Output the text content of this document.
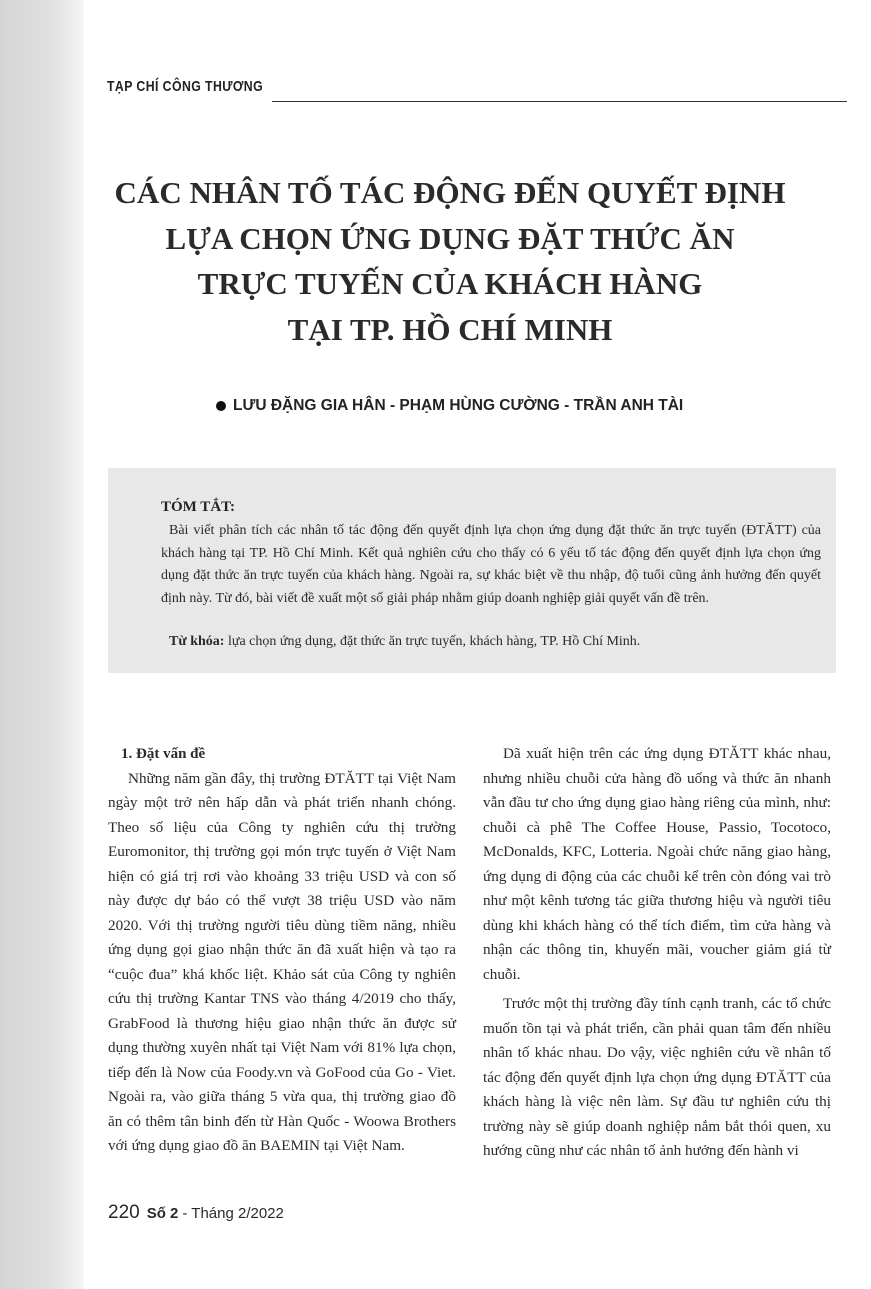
TẠP CHÍ CÔNG THƯƠNG
CÁC NHÂN TỐ TÁC ĐỘNG ĐẾN QUYẾT ĐỊNH
LỰA CHỌN ỨNG DỤNG ĐẶT THỨC ĂN
TRỰC TUYẾN CỦA KHÁCH HÀNG
TẠI TP. HỒ CHÍ MINH
LƯU ĐẶNG GIA HÂN - PHẠM HÙNG CƯỜNG - TRẦN ANH TÀI
TÓM TẮT:

Bài viết phân tích các nhân tố tác động đến quyết định lựa chọn ứng dụng đặt thức ăn trực tuyến (ĐTĂTT) của khách hàng tại TP. Hồ Chí Minh. Kết quả nghiên cứu cho thấy có 6 yếu tố tác động đến quyết định lựa chọn ứng dụng đặt thức ăn trực tuyến của khách hàng. Ngoài ra, sự khác biệt về thu nhập, độ tuổi cũng ảnh hưởng đến quyết định này. Từ đó, bài viết đề xuất một số giải pháp nhằm giúp doanh nghiệp giải quyết vấn đề trên.

Từ khóa: lựa chọn ứng dụng, đặt thức ăn trực tuyến, khách hàng, TP. Hồ Chí Minh.
1. Đặt vấn đề

Những năm gần đây, thị trường ĐTĂTT tại Việt Nam ngày một trở nên hấp dẫn và phát triển nhanh chóng. Theo số liệu của Công ty nghiên cứu thị trường Euromonitor, thị trường gọi món trực tuyến ở Việt Nam hiện có giá trị rơi vào khoảng 33 triệu USD và con số này được dự báo có thể vượt 38 triệu USD vào năm 2020. Với thị trường người tiêu dùng tiềm năng, nhiều ứng dụng gọi giao nhận thức ăn đã xuất hiện và tạo ra “cuộc đua” khá khốc liệt. Khảo sát của Công ty nghiên cứu thị trường Kantar TNS vào tháng 4/2019 cho thấy, GrabFood là thương hiệu giao nhận thức ăn được sử dụng thường xuyên nhất tại Việt Nam với 81% lựa chọn, tiếp đến là Now của Foody.vn và GoFood của Go - Viet. Ngoài ra, vào giữa tháng 5 vừa qua, thị trường giao đồ ăn có thêm tân binh đến từ Hàn Quốc - Woowa Brothers với ứng dụng giao đồ ăn BAEMIN tại Việt Nam.

Dã xuất hiện trên các ứng dụng ĐTĂTT khác nhau, nhưng nhiều chuỗi cửa hàng đồ uống và thức ăn nhanh vẫn đầu tư cho ứng dụng giao hàng riêng của mình, như: chuỗi cà phê The Coffee House, Passio, Tocotoco, McDonalds, KFC, Lotteria. Ngoài chức năng giao hàng, ứng dụng di động của các chuỗi kể trên còn đóng vai trò như một kênh tương tác giữa thương hiệu và người tiêu dùng khi khách hàng có thể tích điểm, tìm cửa hàng và nhận các thông tin, khuyến mãi, voucher giảm giá từ chuỗi.

Trước một thị trường đầy tính cạnh tranh, các tổ chức muốn tồn tại và phát triển, cần phải quan tâm đến nhiều nhân tố khác nhau. Do vậy, việc nghiên cứu về nhân tố tác động đến quyết định lựa chọn ứng dụng ĐTĂTT của khách hàng là việc nên làm. Sự đầu tư nghiên cứu thị trường này sẽ giúp doanh nghiệp nắm bắt thói quen, xu hướng cũng như các nhân tố ảnh hưởng đến hành vi

220 Số 2 - Tháng 2/2022
